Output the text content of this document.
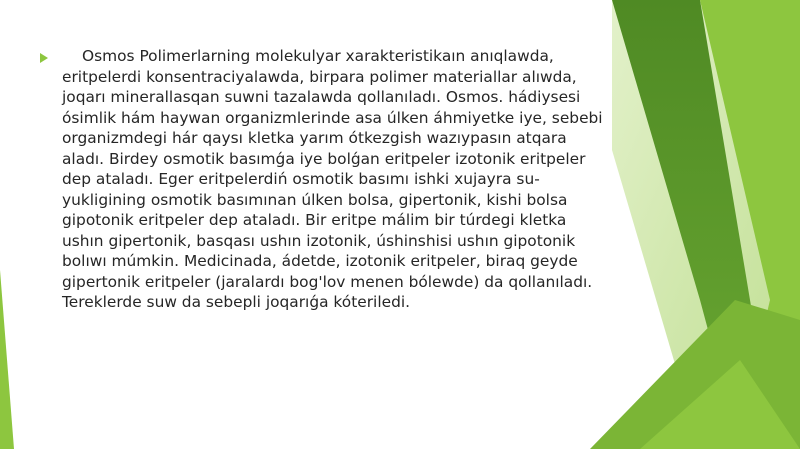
Osmos Polimerlarning molekulyar xarakteristikaın anıqlawda, eritpelerdi konsentraciyalawda, birpara polimer materiallar alıwda, joqarı minerallasqan suwni tazalawda qollanıladı. Osmos. hádiysesi ósimlik hám haywan organizmlerinde asa úlken áhmiyetke iye, sebebi organizmdegi hár qaysı kletka yarım ótkezgish wazıypasın atqara aladı. Birdey osmotik basımǵa iye bolǵan eritpeler izotonik eritpeler dep ataladı. Eger eritpelerdiń osmotik basımı ishki xujayra su-yukligining osmotik basımınan úlken bolsa, gipertonik, kishi bolsa gipotonik eritpeler dep ataladı. Bir eritpe málim bir túrdegi kletka ushın gipertonik, basqası ushın izotonik, úshinshisi ushın gipotonik bolıwı múmkin. Medicinada, ádetde, izotonik eritpeler, biraq geyde gipertonik eritpeler (jaralardı bog'lov menen bólewde) da qollanıladı. Tereklerde suw da sebepli joqarıǵa kóteriledi.
